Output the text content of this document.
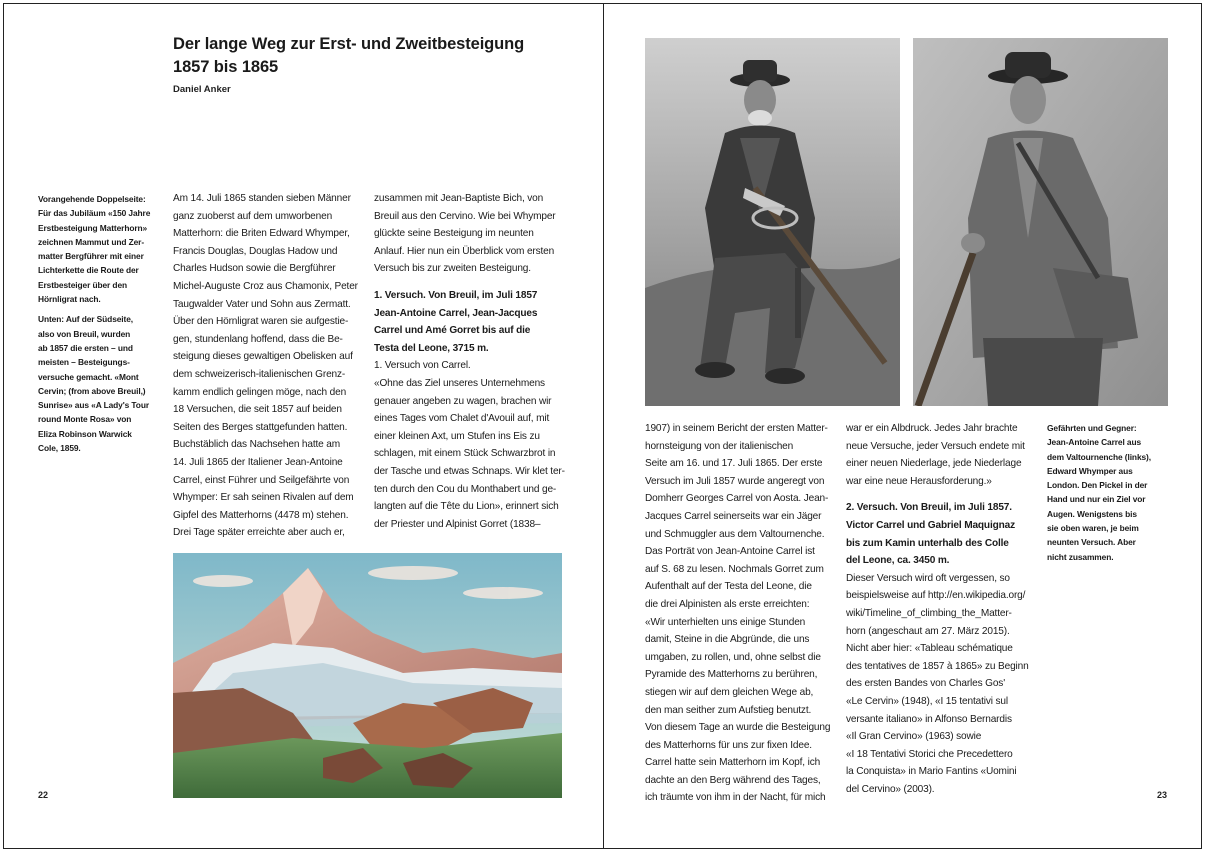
Der lange Weg zur Erst- und Zweitbesteigung
1857 bis 1865
Daniel Anker
Vorangehende Doppelseite:
Für das Jubiläum «150 Jahre
Erstbesteigung Matterhorn»
zeichnen Mammut und Zer-
matter Bergführer mit einer
Lichterkette die Route der
Erstbesteiger über den
Hörnligrat nach.
Unten: Auf der Südseite,
also von Breuil, wurden
ab 1857 die ersten – und
meisten – Besteigungs-
versuche gemacht. «Mont
Cervin; (from above Breuil,)
Sunrise» aus «A Lady's Tour
round Monte Rosa» von
Eliza Robinson Warwick
Cole, 1859.
Am 14. Juli 1865 standen sieben Männer
ganz zuoberst auf dem umworbenen
Matterhorn: die Briten Edward Whymper,
Francis Douglas, Douglas Hadow und
Charles Hudson sowie die Bergführer
Michel-Auguste Croz aus Chamonix, Peter
Taugwalder Vater und Sohn aus Zermatt.
Über den Hörnligrat waren sie aufgestie-
gen, stundenlang hoffend, dass die Be-
steigung dieses gewaltigen Obelisken auf
dem schweizerisch-italienischen Grenz-
kamm endlich gelingen möge, nach den
18 Versuchen, die seit 1857 auf beiden
Seiten des Berges stattgefunden hatten.
Buchstäblich das Nachsehen hatte am
14. Juli 1865 der Italiener Jean-Antoine
Carrel, einst Führer und Seilgefährte von
Whymper: Er sah seinen Rivalen auf dem
Gipfel des Matterhorns (4478 m) stehen.
Drei Tage später erreichte aber auch er,
zusammen mit Jean-Baptiste Bich, von
Breuil aus den Cervino. Wie bei Whymper
glückte seine Besteigung im neunten
Anlauf. Hier nun ein Überblick vom ersten
Versuch bis zur zweiten Besteigung.
1. Versuch. Von Breuil, im Juli 1857
Jean-Antoine Carrel, Jean-Jacques
Carrel und Amé Gorret bis auf die
Testa del Leone, 3715 m.
1. Versuch von Carrel.
«Ohne das Ziel unseres Unternehmens
genauer angeben zu wagen, brachen wir
eines Tages vom Chalet d'Avouil auf, mit
einer kleinen Axt, um Stufen ins Eis zu
schlagen, mit einem Stück Schwarzbrot in
der Tasche und etwas Schnaps. Wir klet ter-
ten durch den Cou du Monthabert und ge-
langten auf die Tête du Lion», erinnert sich
der Priester und Alpinist Gorret (1838–
22
1907) in seinem Bericht der ersten Matter-
hornsteigung von der italienischen
Seite am 16. und 17. Juli 1865. Der erste
Versuch im Juli 1857 wurde angeregt von
Domherr Georges Carrel von Aosta. Jean-
Jacques Carrel seinerseits war ein Jäger
und Schmuggler aus dem Valtournenche.
Das Porträt von Jean-Antoine Carrel ist
auf S. 68 zu lesen. Nochmals Gorret zum
Aufenthalt auf der Testa del Leone, die
die drei Alpinisten als erste erreichten:
«Wir unterhielten uns einige Stunden
damit, Steine in die Abgründe, die uns
umgaben, zu rollen, und, ohne selbst die
Pyramide des Matterhorns zu berühren,
stiegen wir auf dem gleichen Wege ab,
den man seither zum Aufstieg benutzt.
Von diesem Tage an wurde die Besteigung
des Matterhorns für uns zur fixen Idee.
Carrel hatte sein Matterhorn im Kopf, ich
dachte an den Berg während des Tages,
ich träumte von ihm in der Nacht, für mich
war er ein Albdruck. Jedes Jahr brachte
neue Versuche, jeder Versuch endete mit
einer neuen Niederlage, jede Niederlage
war eine neue Herausforderung.»
2. Versuch. Von Breuil, im Juli 1857.
Victor Carrel und Gabriel Maquignaz
bis zum Kamin unterhalb des Colle
del Leone, ca. 3450 m.
Dieser Versuch wird oft vergessen, so
beispielsweise auf http://en.wikipedia.org/
wiki/Timeline_of_climbing_the_Matter-
horn (angeschaut am 27. März 2015).
Nicht aber hier: «Tableau schématique
des tentatives de 1857 à 1865» zu Beginn
des ersten Bandes von Charles Gos'
«Le Cervin» (1948), «I 15 tentativi sul
versante italiano» in Alfonso Bernardis
«Il Gran Cervino» (1963) sowie
«I 18 Tentativi Storici che Precedettero
la Conquista» in Mario Fantins «Uomini
del Cervino» (2003).
Gefährten und Gegner:
Jean-Antoine Carrel aus
dem Valtournenche (links),
Edward Whymper aus
London. Den Pickel in der
Hand und nur ein Ziel vor
Augen. Wenigstens bis
sie oben waren, je beim
neunten Versuch. Aber
nicht zusammen.
23
